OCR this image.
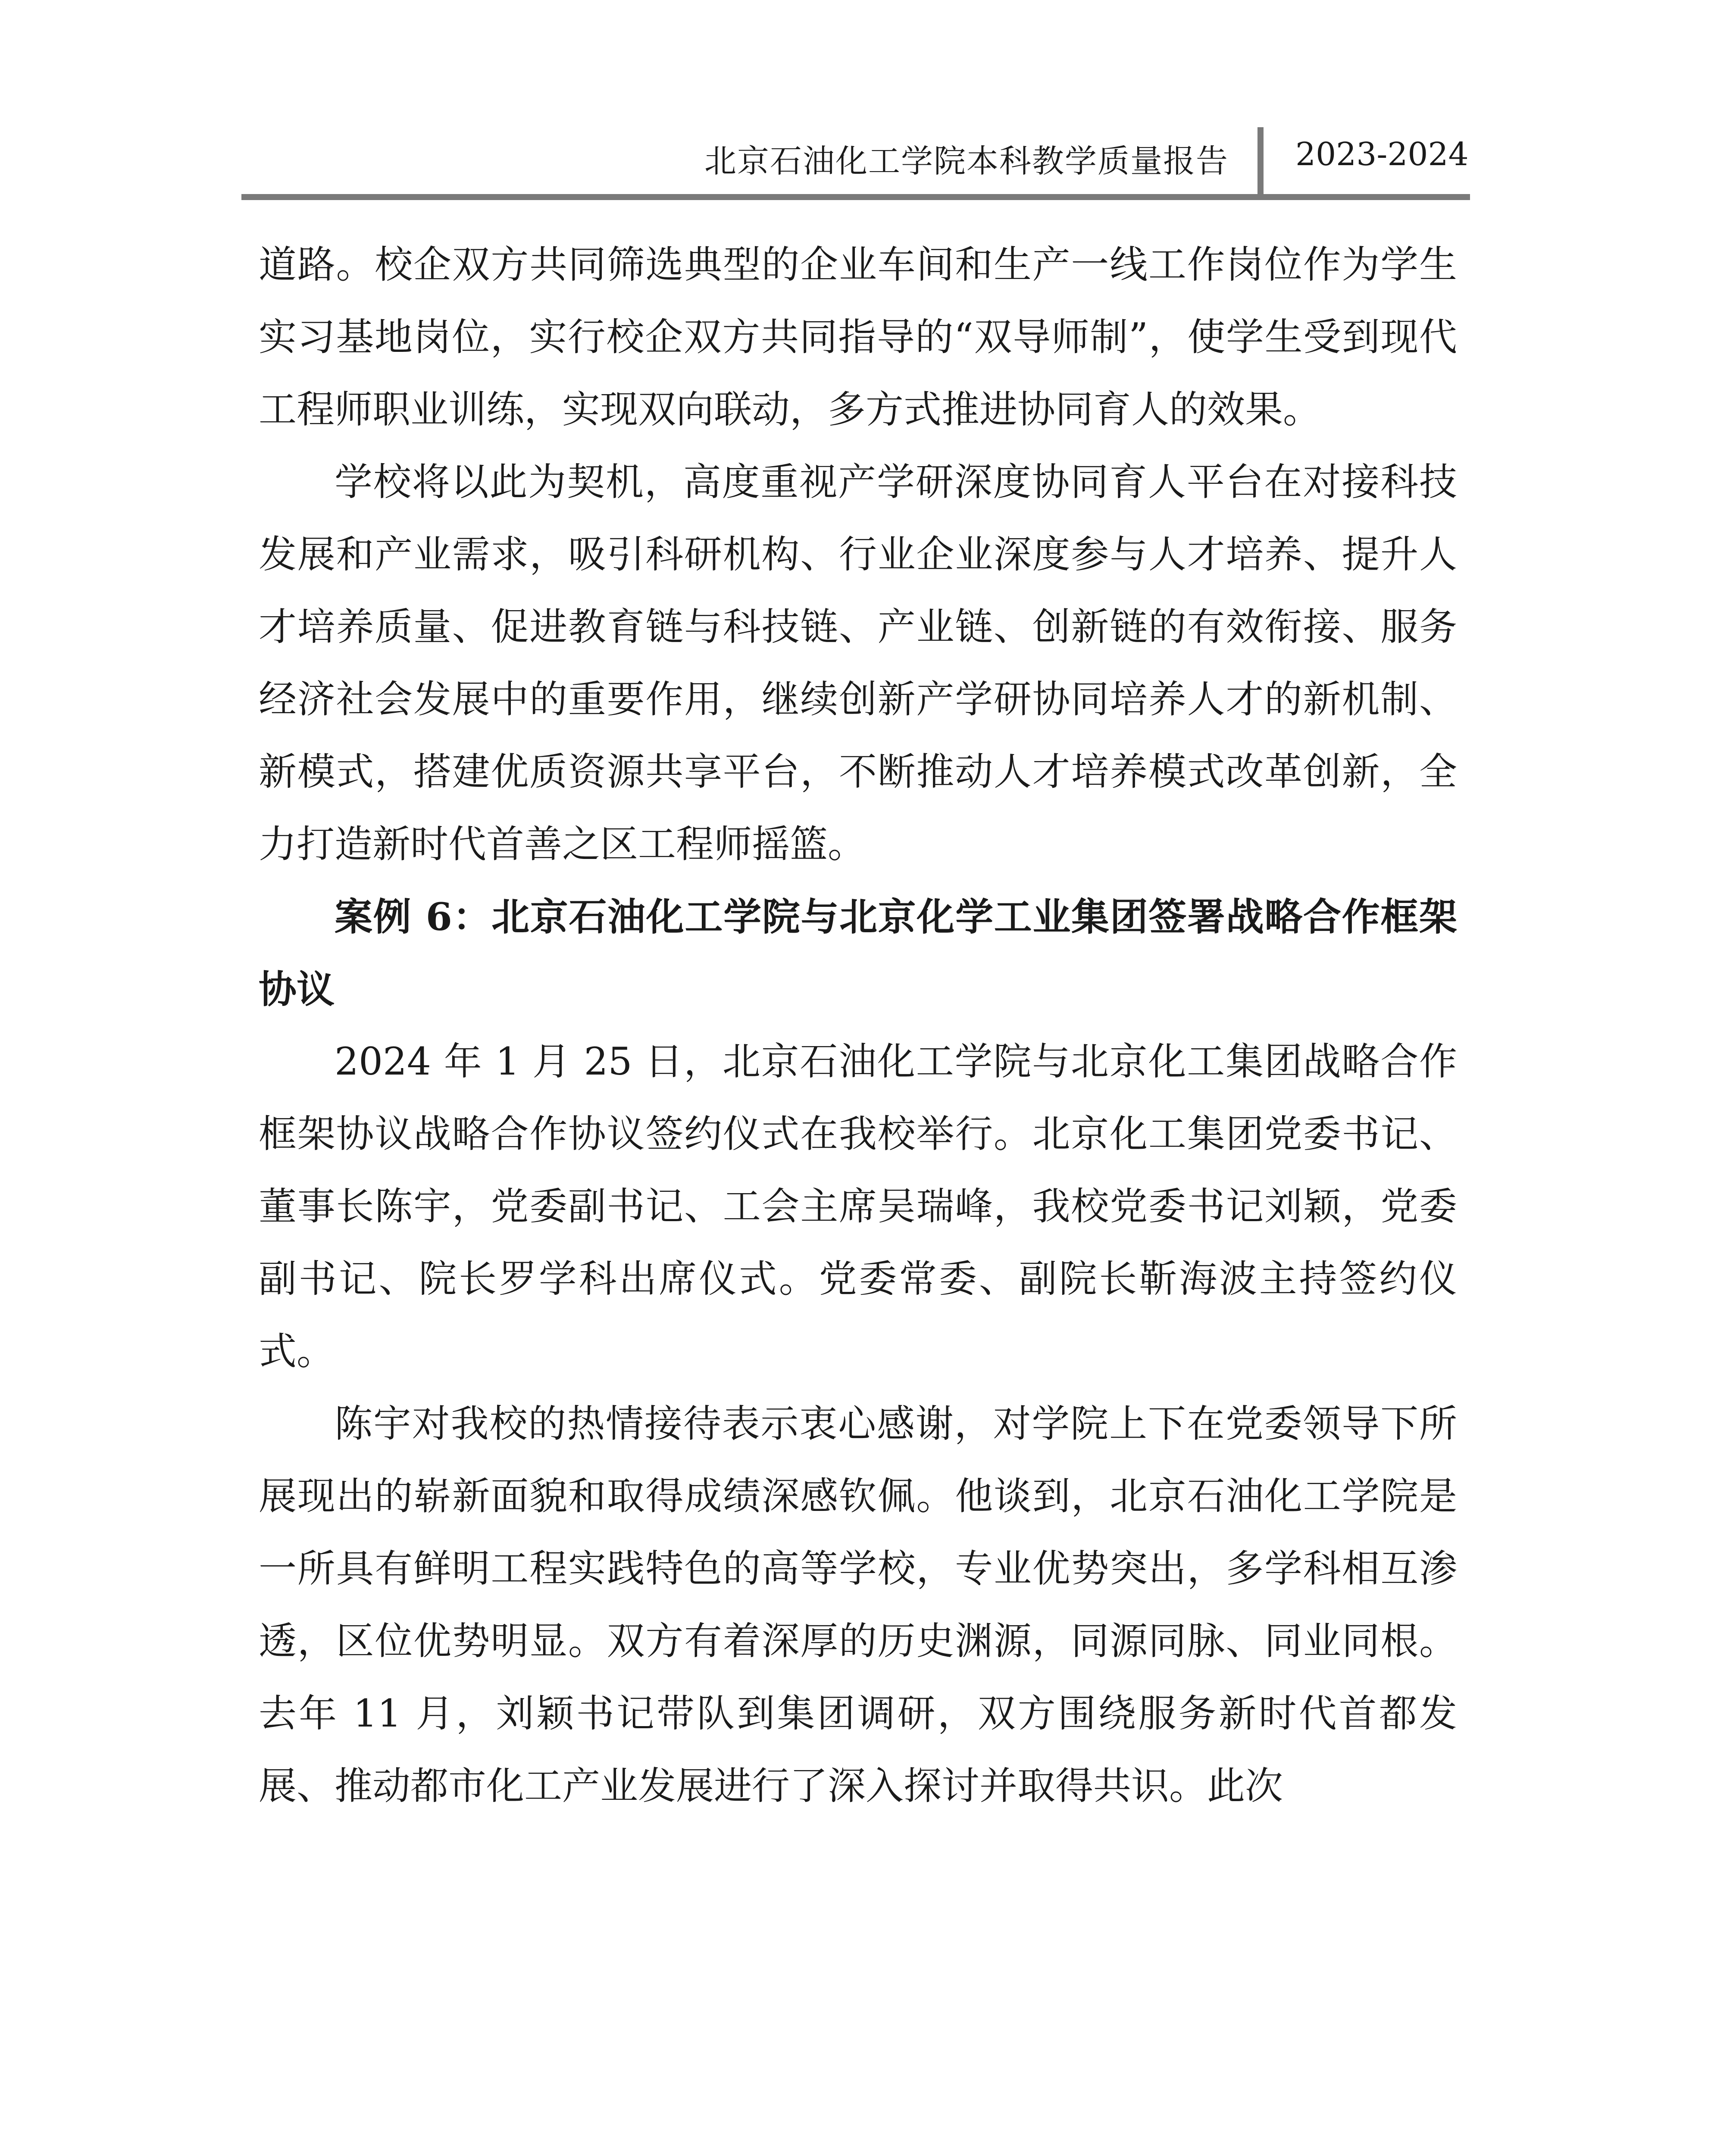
北京石油化工学院本科教学质量报告 2023-2024

道路。校企双方共同筛选典型的企业车间和生产一线工作岗位作为学生实习基地岗位，实行校企双方共同指导的“双导师制”，使学生受到现代工程师职业训练，实现双向联动，多方式推进协同育人的效果。

学校将以此为契机，高度重视产学研深度协同育人平台在对接科技发展和产业需求，吸引科研机构、行业企业深度参与人才培养、提升人才培养质量、促进教育链与科技链、产业链、创新链的有效衔接、服务经济社会发展中的重要作用，继续创新产学研协同培养人才的新机制、新模式，搭建优质资源共享平台，不断推动人才培养模式改革创新，全力打造新时代首善之区工程师摇篮。

案例 6：北京石油化工学院与北京化学工业集团签署战略合作框架协议

2024 年 1 月 25 日，北京石油化工学院与北京化工集团战略合作框架协议战略合作协议签约仪式在我校举行。北京化工集团党委书记、董事长陈宇，党委副书记、工会主席吴瑞峰，我校党委书记刘颖，党委副书记、院长罗学科出席仪式。党委常委、副院长靳海波主持签约仪式。

陈宇对我校的热情接待表示衷心感谢，对学院上下在党委领导下所展现出的崭新面貌和取得成绩深感钦佩。他谈到，北京石油化工学院是一所具有鲜明工程实践特色的高等学校，专业优势突出，多学科相互渗透，区位优势明显。双方有着深厚的历史渊源，同源同脉、同业同根。去年 11 月，刘颖书记带队到集团调研，双方围绕服务新时代首都发展、推动都市化工产业发展进行了深入探讨并取得共识。此次
